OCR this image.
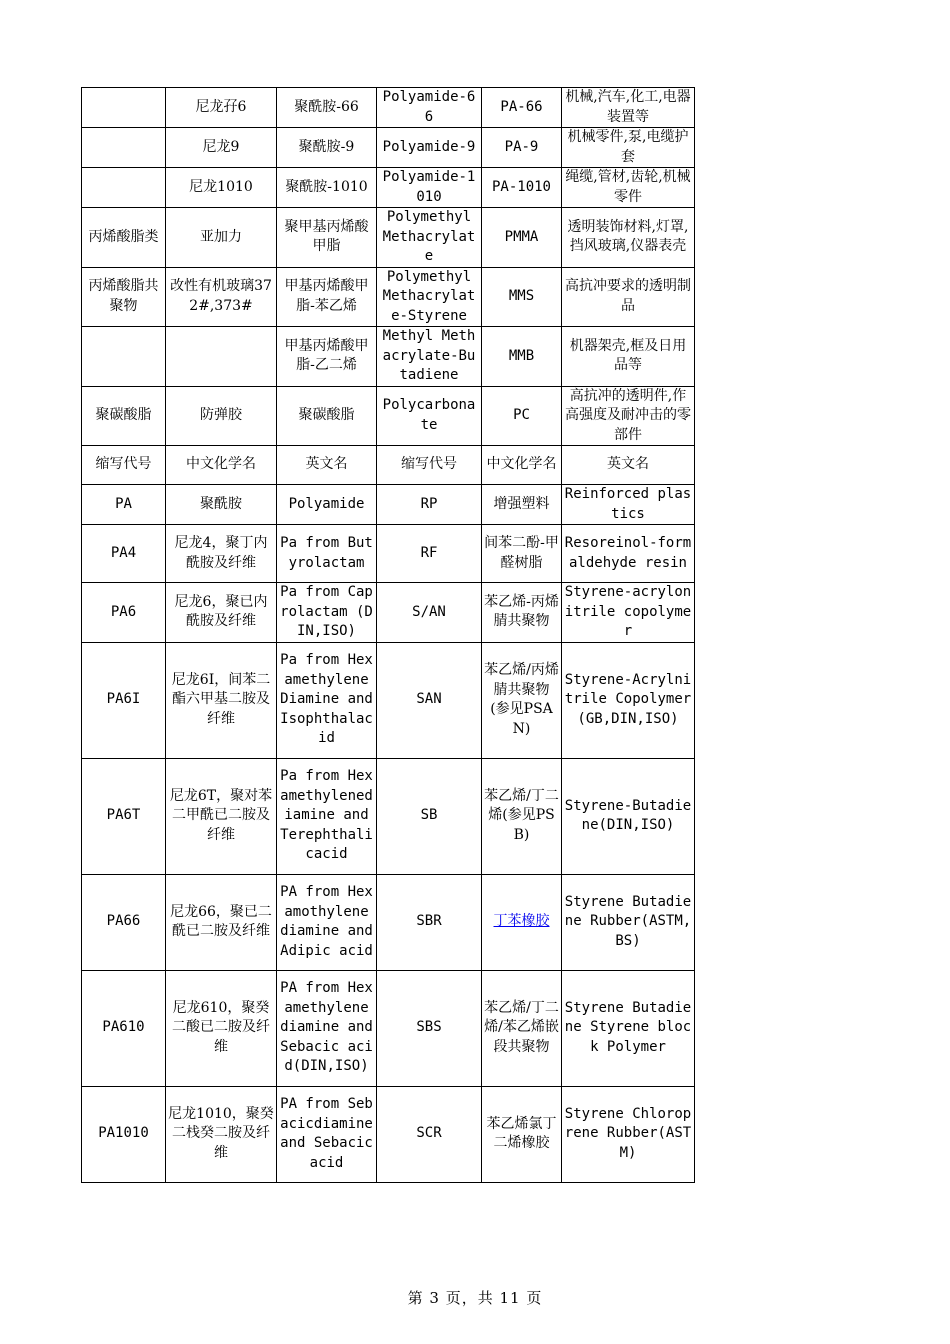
	尼龙孖6	聚酰胺-66	Polyamide-66	PA-66	机械,汽车,化工,电器装置等
	尼龙9	聚酰胺-9	Polyamide-9	PA-9	机械零件,泵,电缆护套
	尼龙1010	聚酰胺-1010	Polyamide-1010	PA-1010	绳缆,管材,齿轮,机械零件
丙烯酸脂类	亚加力	聚甲基丙烯酸甲脂	Polymethyl Methacrylate	PMMA	透明装饰材料,灯罩,挡风玻璃,仪器表壳
丙烯酸脂共聚物	改性有机玻璃372#,373#	甲基丙烯酸甲脂-苯乙烯	Polymethyl Methacrylate-Styrene	MMS	高抗冲要求的透明制品
		甲基丙烯酸甲脂-乙二烯	Methyl Methacrylate-Butadiene	MMB	机器架壳,框及日用品等
聚碳酸脂	防弹胶	聚碳酸脂	Polycarbonate	PC	高抗冲的透明件,作高强度及耐冲击的零部件
缩写代号	中文化学名	英文名	缩写代号	中文化学名	英文名
PA	聚酰胺	Polyamide	RP	增强塑料	Reinforced plastics
PA4	尼龙4，聚丁内酰胺及纤维	Pa from Butyrolactam	RF	间苯二酚-甲醛树脂	Resoreinol-formaldehyde resin
PA6	尼龙6，聚已内酰胺及纤维	Pa from Caprolactam (DIN,ISO)	S/AN	苯乙烯-丙烯腈共聚物	Styrene-acrylonitrile copolymer
PA6I	尼龙6I，间苯二酯六甲基二胺及纤维	Pa from Hexamethylene Diamine and Isophthalacid	SAN	苯乙烯/丙烯腈共聚物(参见PSAN)	Styrene-Acrylnitrile Copolymer(GB,DIN,ISO)
PA6T	尼龙6T，聚对苯二甲酰已二胺及纤维	Pa from Hexamethylenediamine and Terephthalicacid	SB	苯乙烯/丁二烯(参见PSB)	Styrene-Butadiene(DIN,ISO)
PA66	尼龙66，聚已二酰已二胺及纤维	PA from Hexamothylene diamine and Adipic acid	SBR	丁苯橡胶	Styrene Butadiene Rubber(ASTM,BS)
PA610	尼龙610，聚癸二酸已二胺及纤维	PA from Hexamethylene diamine and Sebacic acid(DIN,ISO)	SBS	苯乙烯/丁二烯/苯乙烯嵌段共聚物	Styrene Butadiene Styrene block Polymer
PA1010	尼龙1010，聚癸二栈癸二胺及纤维	PA from Sebacicdiamine and Sebacic acid	SCR	苯乙烯氯丁二烯橡胶	Styrene Chloroprene Rubber(ASTM)
第 3 页，共 11 页
